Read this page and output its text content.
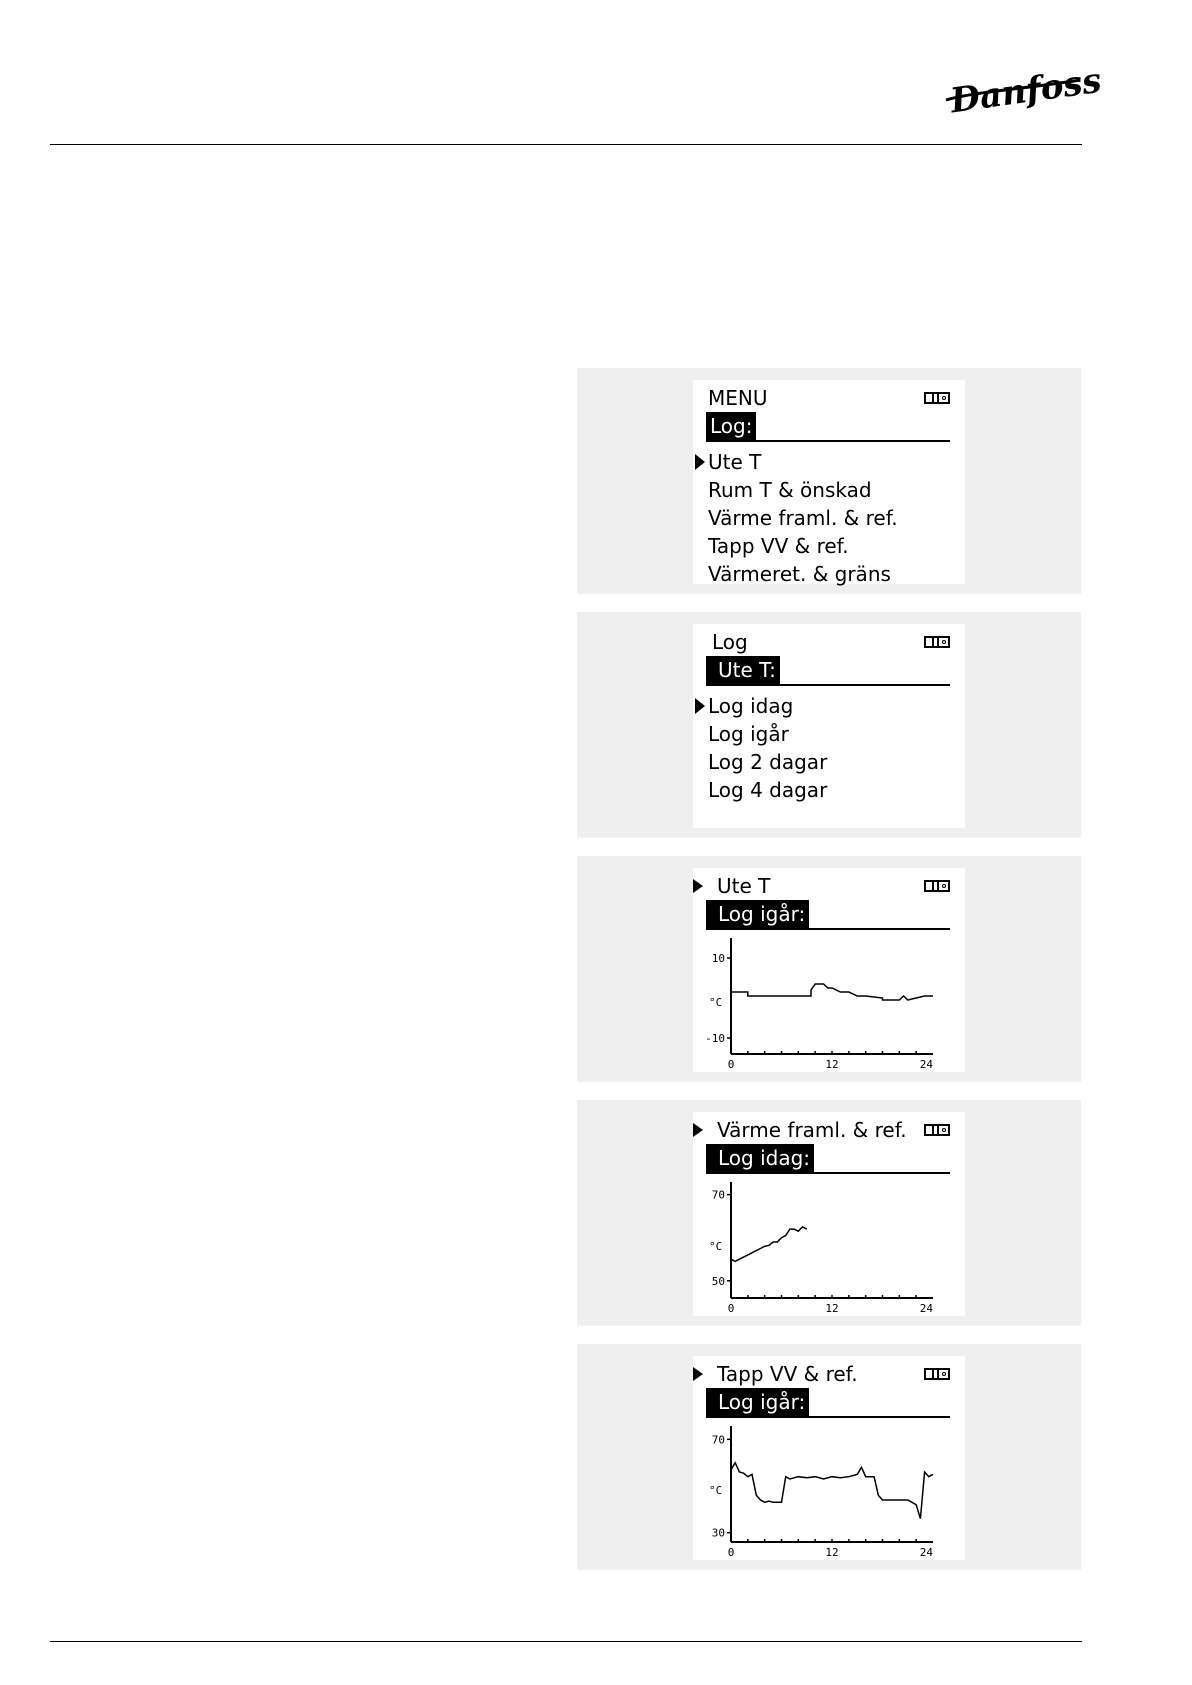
Danfoss
MENU
Log:
Ute T
Rum T & önskad
Värme framl. & ref.
Tapp VV & ref.
Värmeret. & gräns
Log
Ute T:
Log idag
Log igår
Log 2 dagar
Log 4 dagar
Ute T
Log igår:
10
-10
°C
0	12	24
Värme framl. & ref.
Log idag:
70
50
°C
0	12	24
Tapp VV & ref.
Log igår:
70
30
°C
0	12	24
